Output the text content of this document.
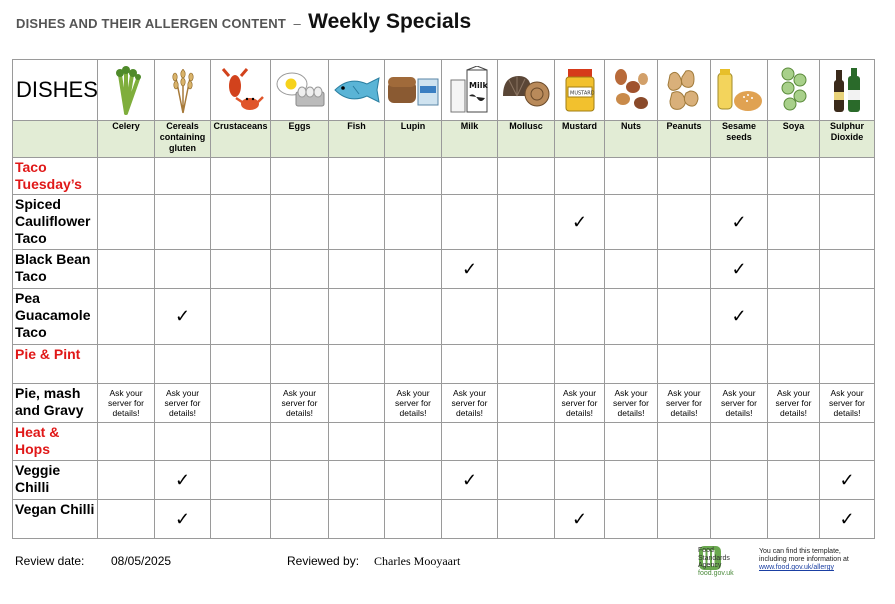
DISHES AND THEIR ALLERGEN CONTENT – Weekly Specials
DISHES							Milk		MUSTARD

	Celery	Cereals containing gluten	Crustaceans	Eggs	Fish	Lupin	Milk	Mollusc	Mustard	Nuts	Peanuts	Sesame seeds	Soya	Sulphur Dioxide
Taco Tuesday’s														
Spiced Cauliflower Taco									✓			✓		
Black Bean Taco							✓					✓		
Pea Guacamole Taco		✓										✓		
Pie & Pint														
Pie, mash and Gravy	Ask your server for details!	Ask your server for details!		Ask your server for details!		Ask your server for details!	Ask your server for details!		Ask your server for details!	Ask your server for details!	Ask your server for details!	Ask your server for details!	Ask your server for details!	Ask your server for details!

Heat & Hops														
Veggie Chilli		✓					✓							✓
Vegan Chilli		✓							✓					✓
Review date: 08/05/2025	Reviewed by: Charles Mooyaart
Food Standards Agency
food.gov.uk
You can find this template, including more information at www.food.gov.uk/allergy
